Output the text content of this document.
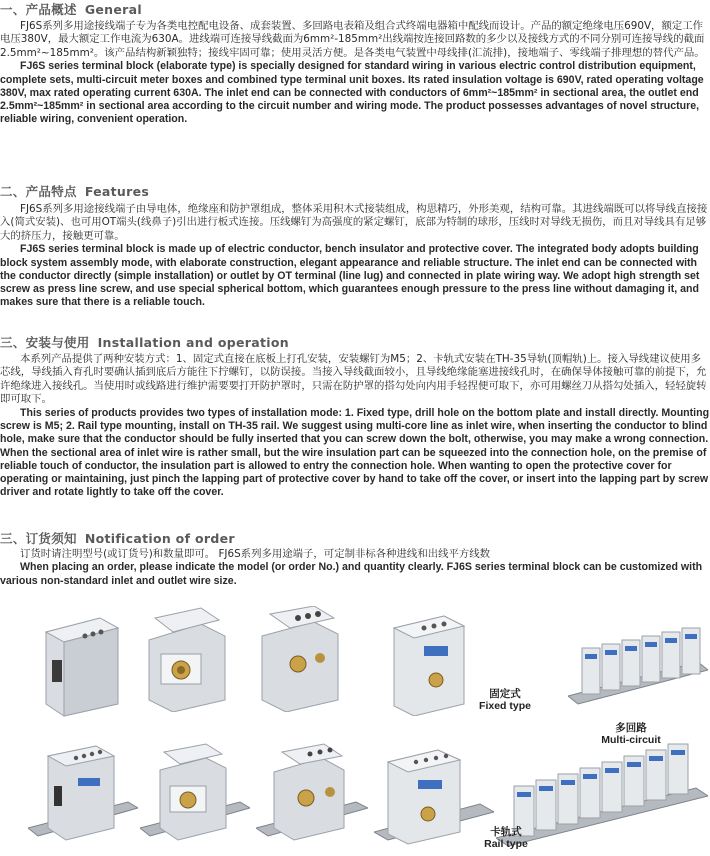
一、产品概述 General

FJ6S系列多用途接线端子专为各类电控配电设备、成套装置、多回路电表箱及组合式终端电器箱中配线而设计。产品的额定绝缘电压690V，额定工作电压380V，最大额定工作电流为630A。进线端可连接导线截面为6mm²-185mm²出线端按连接回路数的多少以及接线方式的不同分别可连接导线的截面2.5mm²~185mm²。该产品结构新颖独特；接线牢固可靠；使用灵活方便。是各类电气装置中母线排(汇流排)，接地端子、零线端子排理想的替代产品。

FJ6S series terminal block (elaborate type) is specially designed for standard wiring in various electric control distribution equipment, complete sets, multi-circuit meter boxes and combined type terminal unit boxes. Its rated insulation voltage is 690V, rated operating voltage 380V, max rated operating current 630A. The inlet end can be connected with conductors of 6mm²~185mm² in sectional area, the outlet end 2.5mm²~185mm² in sectional area according to the circuit number and wiring mode. The product possesses advantages of novel structure, reliable wiring, convenient operation.

二、产品特点 Features

FJ6S系列多用途接线端子由导电体，绝缘座和防护罩组成，整体采用积木式接装组成，构思精巧，外形美观，结构可靠。其进线端既可以将导线直接接入(简式安装)、也可用OT端头(线鼻子)引出进行板式连接。压线螺钉为高强度的紧定螺钉，底部为特制的球形，压线时对导线无损伤，而且对导线具有足够大的挤压力，接触更可靠。

FJ6S series terminal block is made up of electric conductor, bench insulator and protective cover. The integrated body adopts building block system assembly mode, with elaborate construction, elegant appearance and reliable structure. The inlet end can be connected with the conductor directly (simple installation) or outlet by OT terminal (line lug) and connected in plate wiring way. We adopt high strength set screw as press line screw, and use special spherical bottom, which guarantees enough pressure to the press line without damaging it, and makes sure that there is a reliable touch.

三、安装与使用 Installation and operation

本系列产品提供了两种安装方式：1、固定式直接在底板上打孔安装，安装螺钉为M5；2、卡轨式安装在TH-35导轨(顶帽轨)上。接入导线建议使用多芯线，导线插入育孔时要确认插到底后方能往下拧螺钉，以防误接。当接入导线截面较小，且导线绝缘能塞进接线孔时，在确保导体接触可靠的前提下，允许绝缘进入接线孔。当使用时或线路进行维护需要要打开防护罩时，只需在防护罩的搭勾处向内用手轻捏便可取下，亦可用螺丝刀从搭勾处插入，轻轻旋转即可取下。

This series of products provides two types of installation mode: 1. Fixed type, drill hole on the bottom plate and install directly. Mounting screw is M5; 2. Rail type mounting, install on TH-35 rail. We suggest using multi-core line as inlet wire, when inserting the conductor to blind hole, make sure that the conductor should be fully inserted that you can screw down the bolt, otherwise, you may make a wrong connection. When the sectional area of inlet wire is rather small, but the wire insulation part can be squeezed into the connection hole, on the premise of reliable touch of conductor, the insulation part is allowed to entry the connection hole. When wanting to open the protective cover for operating or maintaining, just pinch the lapping part of protective cover by hand to take off the cover, or insert into the lapping part by screw driver and rotate lightly to take off the cover.

三、订货须知 Notification of order

订货时请注明型号(或订货号)和数量即可。 FJ6S系列多用途端子，可定制非标各种进线和出线平方线数

When placing an order, please indicate the model (or order No.) and quantity clearly. FJ6S series terminal block can be customized with various non-standard inlet and outlet wire size.

固定式
Fixed type
多回路
Multi-circuit
卡轨式
Rail type
